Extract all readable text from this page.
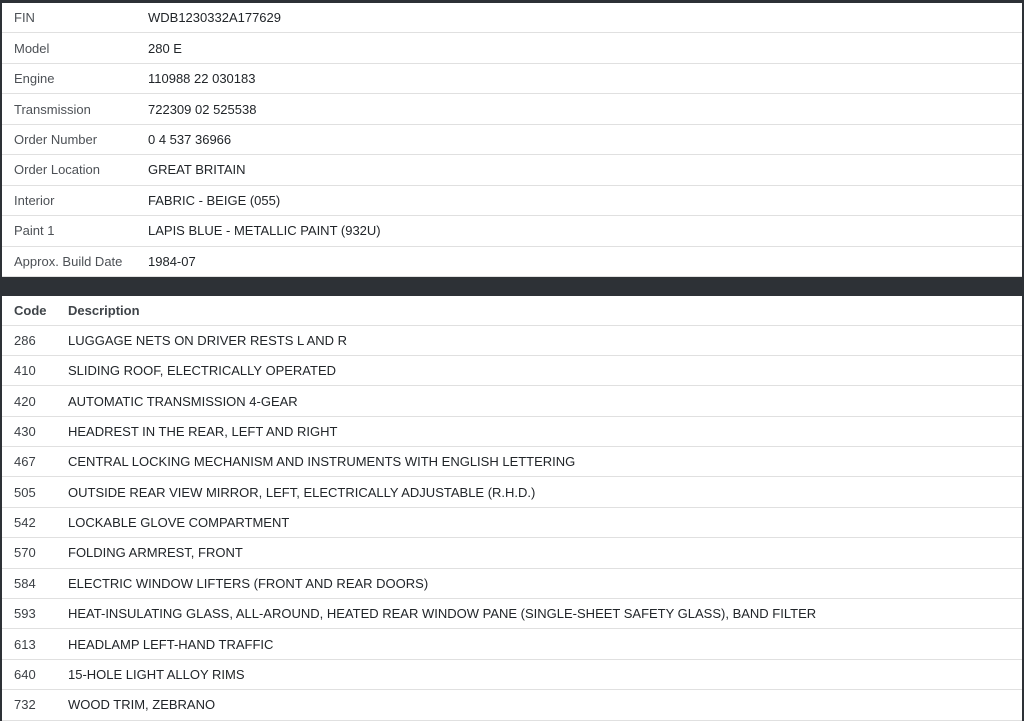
FIN	WDB1230332A177629
Model	280 E
Engine	110988 22 030183
Transmission	722309 02 525538
Order Number	0 4 537 36966
Order Location	GREAT BRITAIN
Interior	FABRIC - BEIGE (055)
Paint 1	LAPIS BLUE - METALLIC PAINT (932U)
Approx. Build Date	1984-07
Code	Description
286	LUGGAGE NETS ON DRIVER RESTS L AND R
410	SLIDING ROOF, ELECTRICALLY OPERATED
420	AUTOMATIC TRANSMISSION 4-GEAR
430	HEADREST IN THE REAR, LEFT AND RIGHT
467	CENTRAL LOCKING MECHANISM AND INSTRUMENTS WITH ENGLISH LETTERING
505	OUTSIDE REAR VIEW MIRROR, LEFT, ELECTRICALLY ADJUSTABLE (R.H.D.)
542	LOCKABLE GLOVE COMPARTMENT
570	FOLDING ARMREST, FRONT
584	ELECTRIC WINDOW LIFTERS (FRONT AND REAR DOORS)
593	HEAT-INSULATING GLASS, ALL-AROUND, HEATED REAR WINDOW PANE (SINGLE-SHEET SAFETY GLASS), BAND FILTER
613	HEADLAMP LEFT-HAND TRAFFIC
640	15-HOLE LIGHT ALLOY RIMS
732	WOOD TRIM, ZEBRANO
